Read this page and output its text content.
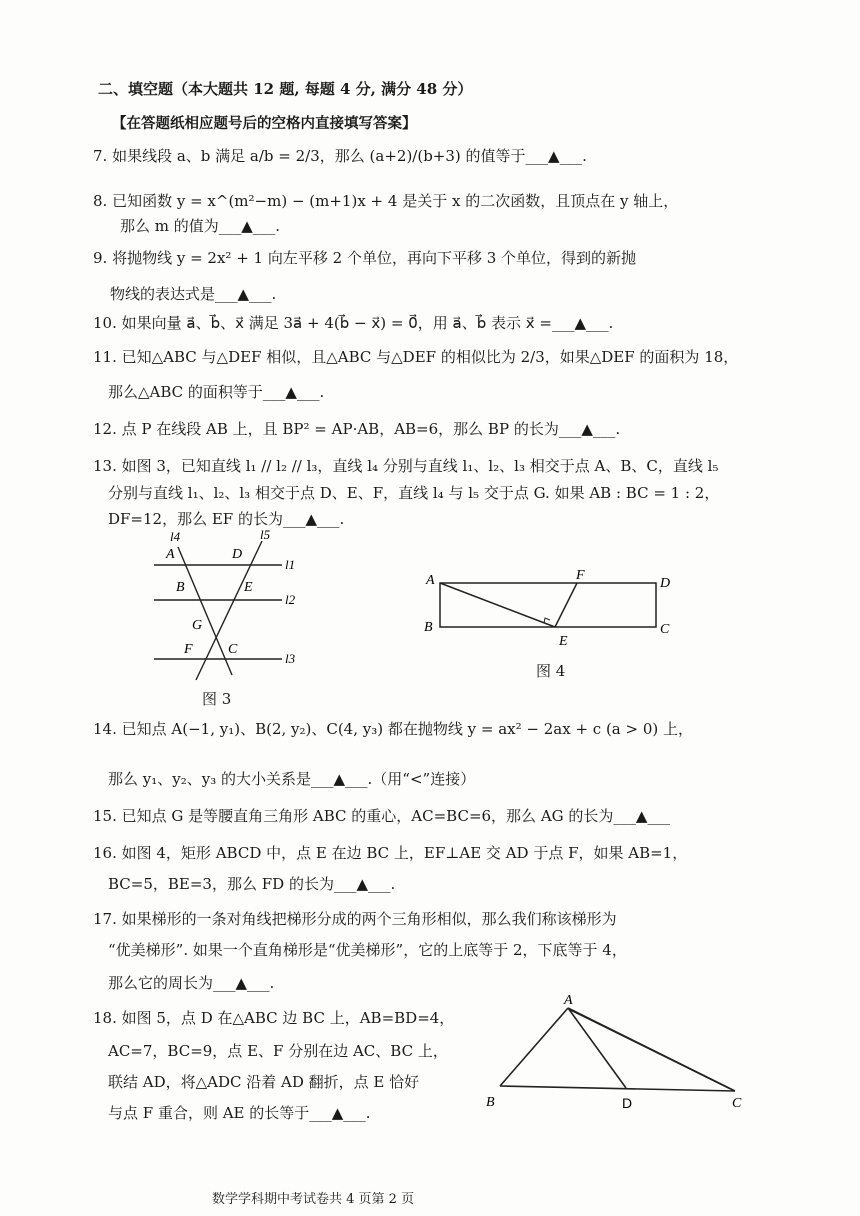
二、填空题（本大题共 12 题, 每题 4 分, 满分 48 分）
【在答题纸相应题号后的空格内直接填写答案】
7. 如果线段 a、b 满足 a/b = 2/3，那么 (a+2)/(b+3) 的值等于___▲___.
8. 已知函数 y = x^(m²−m) − (m+1)x + 4 是关于 x 的二次函数，且顶点在 y 轴上，
那么 m 的值为___▲___.
9. 将抛物线 y = 2x² + 1 向左平移 2 个单位，再向下平移 3 个单位，得到的新抛
物线的表达式是___▲___.
10. 如果向量 a⃗、b⃗、x⃗ 满足 3a⃗ + 4(b⃗ − x⃗) = 0⃗，用 a⃗、b⃗ 表示 x⃗ =___▲___.
11. 已知△ABC 与△DEF 相似，且△ABC 与△DEF 的相似比为 2/3，如果△DEF 的面积为 18，
那么△ABC 的面积等于___▲___.
12. 点 P 在线段 AB 上，且 BP² = AP·AB，AB=6，那么 BP 的长为___▲___.
13. 如图 3，已知直线 l₁ // l₂ // l₃，直线 l₄ 分别与直线 l₁、l₂、l₃ 相交于点 A、B、C，直线 l₅
分别与直线 l₁、l₂、l₃ 相交于点 D、E、F，直线 l₄ 与 l₅ 交于点 G. 如果 AB : BC = 1 : 2，
DF=12，那么 EF 的长为___▲___.
l4	l5
A	D
l1
B	E
l2
G
F	C
l3
图 3
A	F
D
B
E
C
图 4
14. 已知点 A(−1, y₁)、B(2, y₂)、C(4, y₃) 都在抛物线 y = ax² − 2ax + c (a > 0) 上，
那么 y₁、y₂、y₃ 的大小关系是___▲___.（用“<”连接）
15. 已知点 G 是等腰直角三角形 ABC 的重心，AC=BC=6，那么 AG 的长为___▲___
16. 如图 4，矩形 ABCD 中，点 E 在边 BC 上，EF⊥AE 交 AD 于点 F，如果 AB=1，
BC=5，BE=3，那么 FD 的长为___▲___.
17. 如果梯形的一条对角线把梯形分成的两个三角形相似，那么我们称该梯形为
“优美梯形”. 如果一个直角梯形是“优美梯形”，它的上底等于 2，下底等于 4，
那么它的周长为___▲___.
18. 如图 5，点 D 在△ABC 边 BC 上，AB=BD=4，
AC=7，BC=9，点 E、F 分别在边 AC、BC 上，
联结 AD，将△ADC 沿着 AD 翻折，点 E 恰好
与点 F 重合，则 AE 的长等于___▲___.
A
B	D	C
数学学科期中考试卷共 4 页第 2 页
